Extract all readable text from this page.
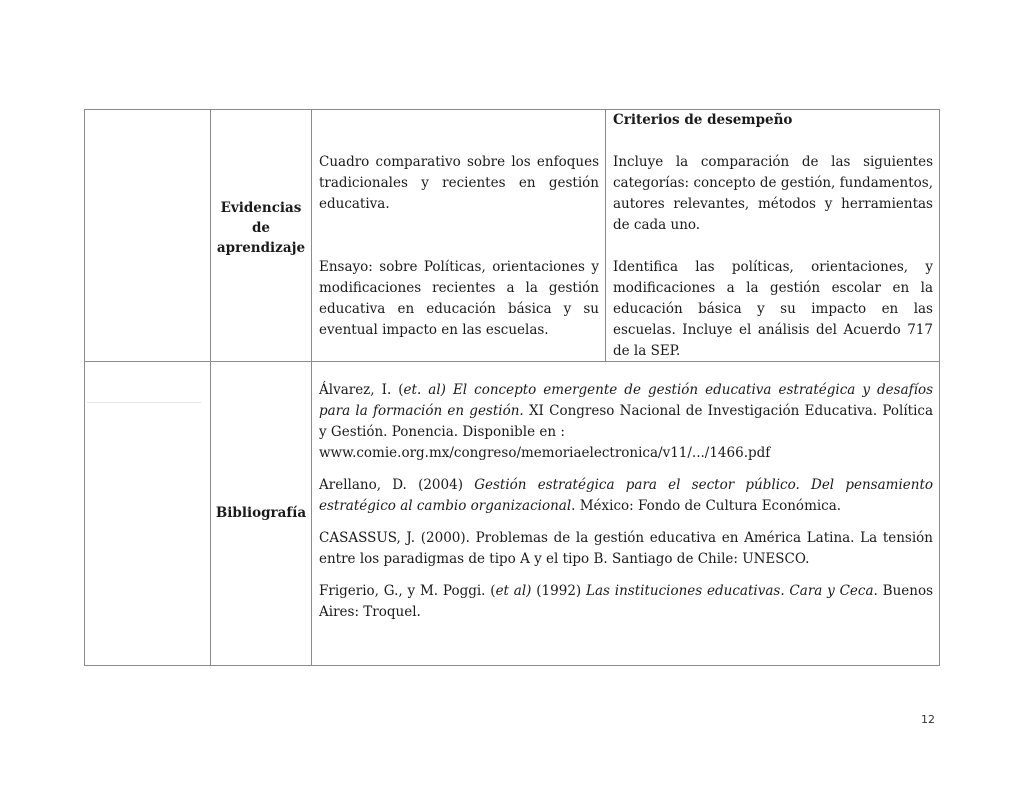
Evidencias de aprendizaje
Criterios de desempeño
Cuadro comparativo sobre los enfoques tradicionales y recientes en gestión educativa.
Incluye la comparación de las siguientes categorías: concepto de gestión, fundamentos, autores relevantes, métodos y herramientas de cada uno.
Ensayo: sobre Políticas, orientaciones y modificaciones recientes a la gestión educativa en educación básica y su eventual impacto en las escuelas.
Identifica las políticas, orientaciones, y modificaciones a la gestión escolar en la educación básica y su impacto en las escuelas. Incluye el análisis del Acuerdo 717 de la SEP.
Bibliografía

Álvarez, I. (et. al) El concepto emergente de gestión educativa estratégica y desafíos para la formación en gestión. XI Congreso Nacional de Investigación Educativa. Política y Gestión. Ponencia. Disponible en :
www.comie.org.mx/congreso/memoriaelectronica/v11/.../1466.pdf

Arellano, D. (2004) Gestión estratégica para el sector público. Del pensamiento estratégico al cambio organizacional. México: Fondo de Cultura Económica.

CASASSUS, J. (2000). Problemas de la gestión educativa en América Latina. La tensión entre los paradigmas de tipo A y el tipo B. Santiago de Chile: UNESCO.

Frigerio, G., y M. Poggi. (et al) (1992) Las instituciones educativas. Cara y Ceca. Buenos Aires: Troquel.

12
